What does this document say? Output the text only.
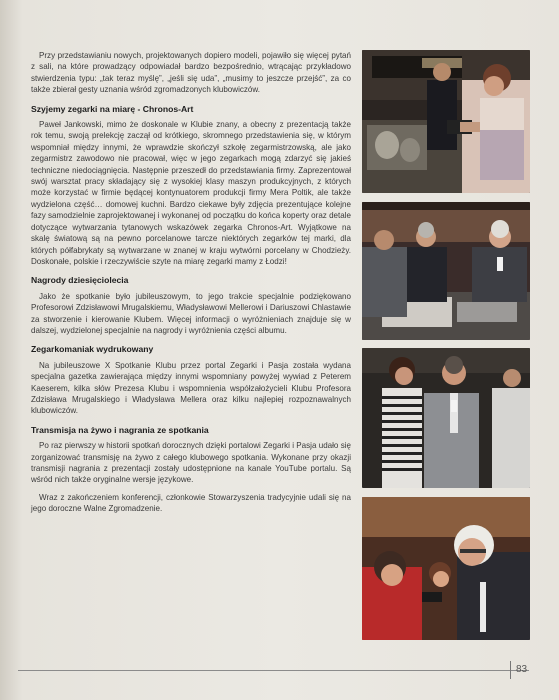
Przy przedstawianiu nowych, projektowanych dopiero modeli, pojawiło się więcej pytań z sali, na które prowadzący odpowiadał bardzo bezpośrednio, wtrącając przykładowo stwierdzenia typu: „tak teraz myślę”, „jeśli się uda”, „musimy to jeszcze przejść”, za co także zbierał gesty uznania wśród zgromadzonych klubowiczów.

Szyjemy zegarki na miarę - Chronos-Art

Paweł Jankowski, mimo że doskonale w Klubie znany, a obecny z prezentacją także rok temu, swoją prelekcję zaczął od krótkiego, skromnego przedstawienia się, w którym wspomniał między innymi, że wprawdzie skończył szkołę zegarmistrzowską, ale jako zegarmistrz zawodowo nie pracował, więc w jego zegarkach mogą zdarzyć się jakieś techniczne niedociągnięcia. Następnie przeszedł do przedstawiania firmy. Zaprezentował swój warsztat pracy składający się z wysokiej klasy maszyn produkcyjnych, z których może korzystać w firmie będącej kontynuatorem produkcji firmy Mera Poltik, ale także wydzielona część… domowej kuchni. Bardzo ciekawe były zdjęcia prezentujące kolejne fazy samodzielnie zaprojektowanej i wykonanej od początku do końca koperty oraz detale dotyczące wytwarzania tytanowych wskazówek zegarka Chronos-Art. Wyjątkowe na skalę światową są na pewno porcelanowe tarcze niektórych zegarków tej marki, dla których półfabrykaty są wytwarzane w znanej w kraju wytwórni porcelany w Chodzieży. Doskonałe, polskie i rzeczywiście szyte na miarę zegarki mamy z Łodzi!

Nagrody dziesięciolecia

Jako że spotkanie było jubileuszowym, to jego trakcie specjalnie podziękowano Profesorowi Zdzisławowi Mrugalskiemu, Władysławowi Mellerowi i Dariuszowi Chlastawie za stworzenie i kierowanie Klubem. Więcej informacji o wyróżnieniach znajduje się w dalszej, wydzielonej specjalnie na nagrody i wyróżnienia części albumu.

Zegarkomaniak wydrukowany

Na jubileuszowe X Spotkanie Klubu przez portal Zegarki i Pasja została wydana specjalna gazetka zawierająca między innymi wspomniany powyżej wywiad z Peterem Kaeserem, kilka słów Prezesa Klubu i wspomnienia współzałożycieli Klubu Profesora Zdzisława Mrugalskiego i Władysława Mellera oraz kilku najlepiej rozpoznawalnych klubowiczów.

Transmisja na żywo i nagrania ze spotkania

Po raz pierwszy w historii spotkań dorocznych dzięki portalowi Zegarki i Pasja udało się zorganizować transmisję na żywo z całego klubowego spotkania. Wykonane przy okazji transmisji nagrania z prezentacji zostały udostępnione na kanale YouTube portalu. Są wśród nich także oryginalne wersje językowe.

Wraz z zakończeniem konferencji, członkowie Stowarzyszenia tradycyjnie udali się na jego doroczne Walne Zgromadzenie.

83
